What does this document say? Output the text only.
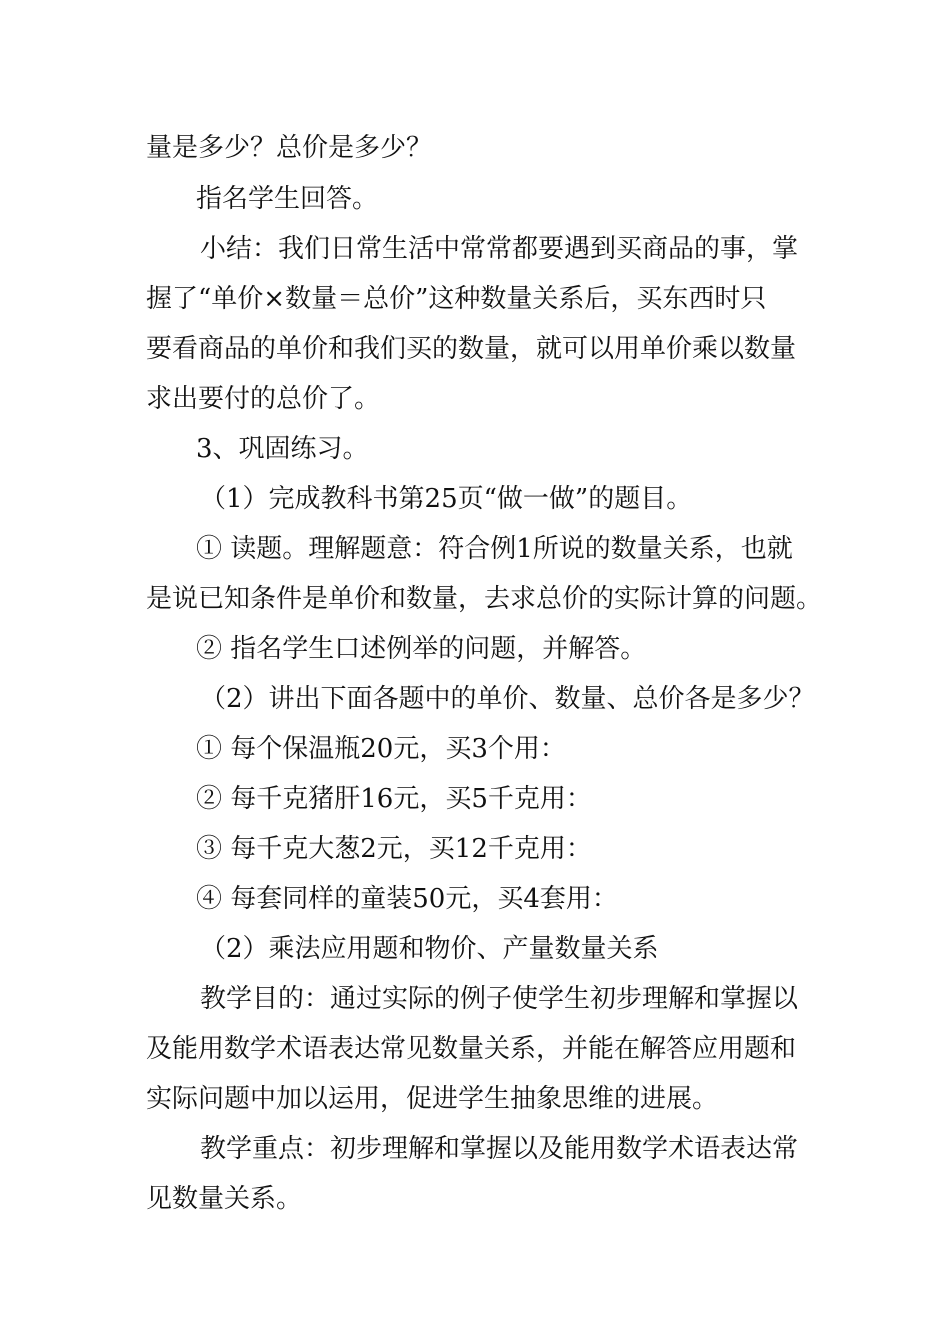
量是多少？总价是多少？
指名学生回答。
小结：我们日常生活中常常都要遇到买商品的事，掌
握了“单价×数量＝总价”这种数量关系后，买东西时只
要看商品的单价和我们买的数量，就可以用单价乘以数量
求出要付的总价了。
3、巩固练习。
（1）完成教科书第25页“做一做”的题目。
① 读题。理解题意：符合例1所说的数量关系，也就
是说已知条件是单价和数量，去求总价的实际计算的问题。
② 指名学生口述例举的问题，并解答。
（2）讲出下面各题中的单价、数量、总价各是多少？
① 每个保温瓶20元，买3个用：
② 每千克猪肝16元，买5千克用：
③ 每千克大葱2元，买12千克用：
④ 每套同样的童装50元，买4套用：
（2）乘法应用题和物价、产量数量关系
教学目的：通过实际的例子使学生初步理解和掌握以
及能用数学术语表达常见数量关系，并能在解答应用题和
实际问题中加以运用，促进学生抽象思维的进展。
教学重点：初步理解和掌握以及能用数学术语表达常
见数量关系。
